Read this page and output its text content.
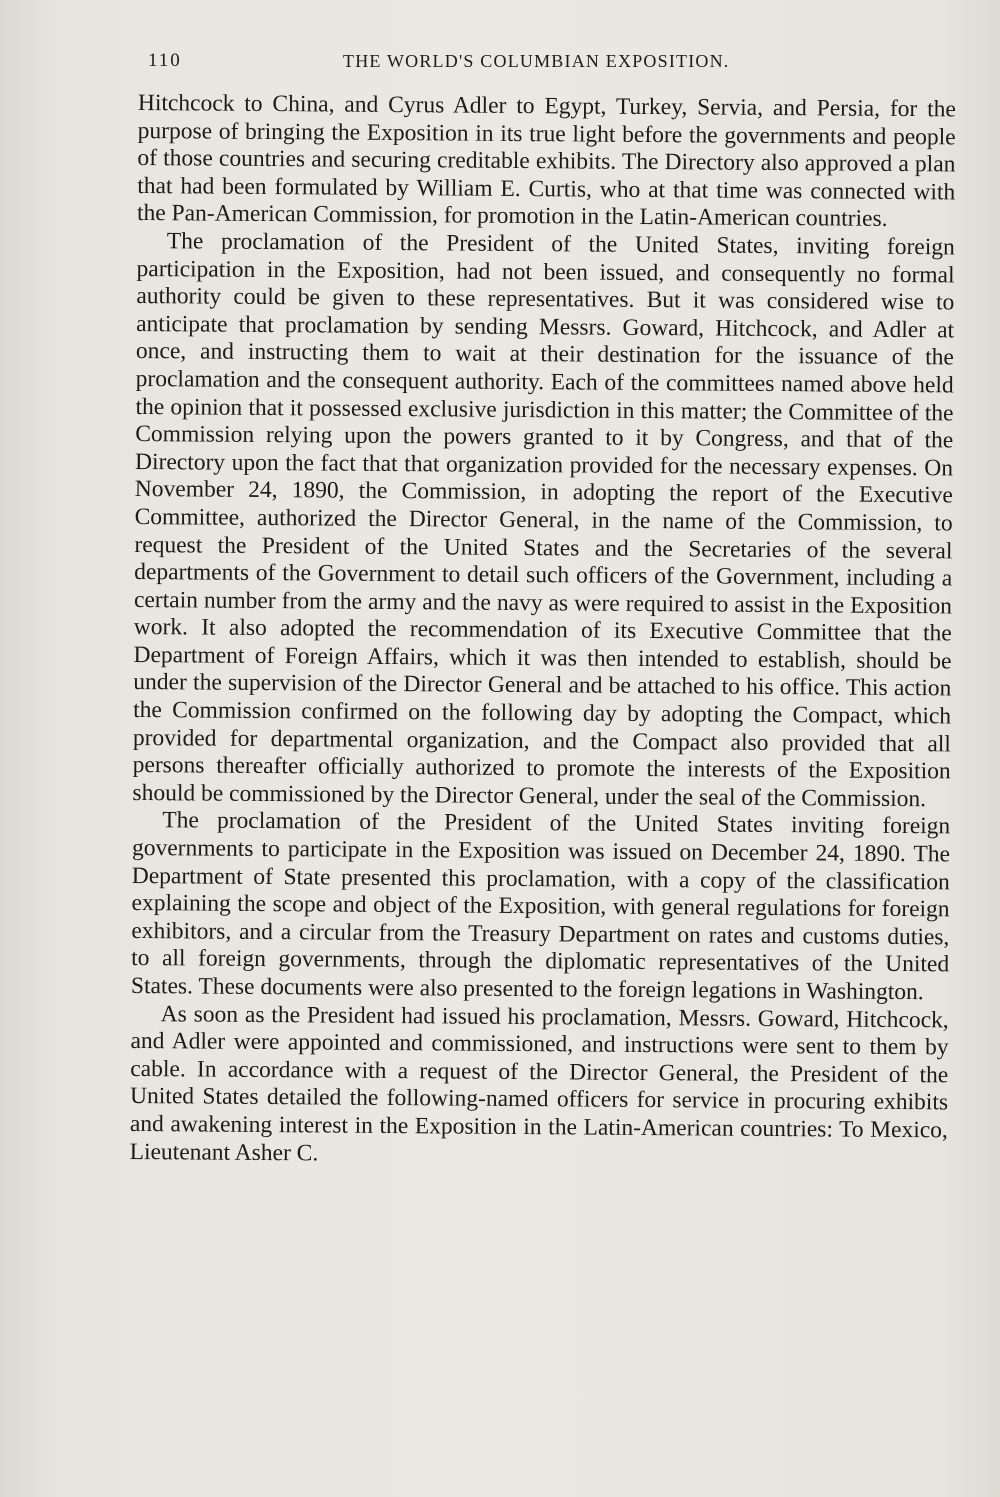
110	THE WORLD'S COLUMBIAN EXPOSITION.

Hitchcock to China, and Cyrus Adler to Egypt, Turkey, Servia, and Persia, for the purpose of bringing the Exposition in its true light before the governments and people of those countries and securing creditable exhibits. The Directory also approved a plan that had been formulated by William E. Curtis, who at that time was connected with the Pan-American Commission, for promotion in the Latin-American countries.

The proclamation of the President of the United States, inviting foreign participation in the Exposition, had not been issued, and consequently no formal authority could be given to these representatives. But it was considered wise to anticipate that proclamation by sending Messrs. Goward, Hitchcock, and Adler at once, and instructing them to wait at their destination for the issuance of the proclamation and the consequent authority. Each of the committees named above held the opinion that it possessed exclusive jurisdiction in this matter; the Committee of the Commission relying upon the powers granted to it by Congress, and that of the Directory upon the fact that that organization provided for the necessary expenses. On November 24, 1890, the Commission, in adopting the report of the Executive Committee, authorized the Director General, in the name of the Commission, to request the President of the United States and the Secretaries of the several departments of the Government to detail such officers of the Government, including a certain number from the army and the navy as were required to assist in the Exposition work. It also adopted the recommendation of its Executive Committee that the Department of Foreign Affairs, which it was then intended to establish, should be under the supervision of the Director General and be attached to his office. This action the Commission confirmed on the following day by adopting the Compact, which provided for departmental organization, and the Compact also provided that all persons thereafter officially authorized to promote the interests of the Exposition should be commissioned by the Director General, under the seal of the Commission.

The proclamation of the President of the United States inviting foreign governments to participate in the Exposition was issued on December 24, 1890. The Department of State presented this proclamation, with a copy of the classification explaining the scope and object of the Exposition, with general regulations for foreign exhibitors, and a circular from the Treasury Department on rates and customs duties, to all foreign governments, through the diplomatic representatives of the United States. These documents were also presented to the foreign legations in Washington.

As soon as the President had issued his proclamation, Messrs. Goward, Hitchcock, and Adler were appointed and commissioned, and instructions were sent to them by cable. In accordance with a request of the Director General, the President of the United States detailed the following-named officers for service in procuring exhibits and awakening interest in the Exposition in the Latin-American countries: To Mexico, Lieutenant Asher C.
